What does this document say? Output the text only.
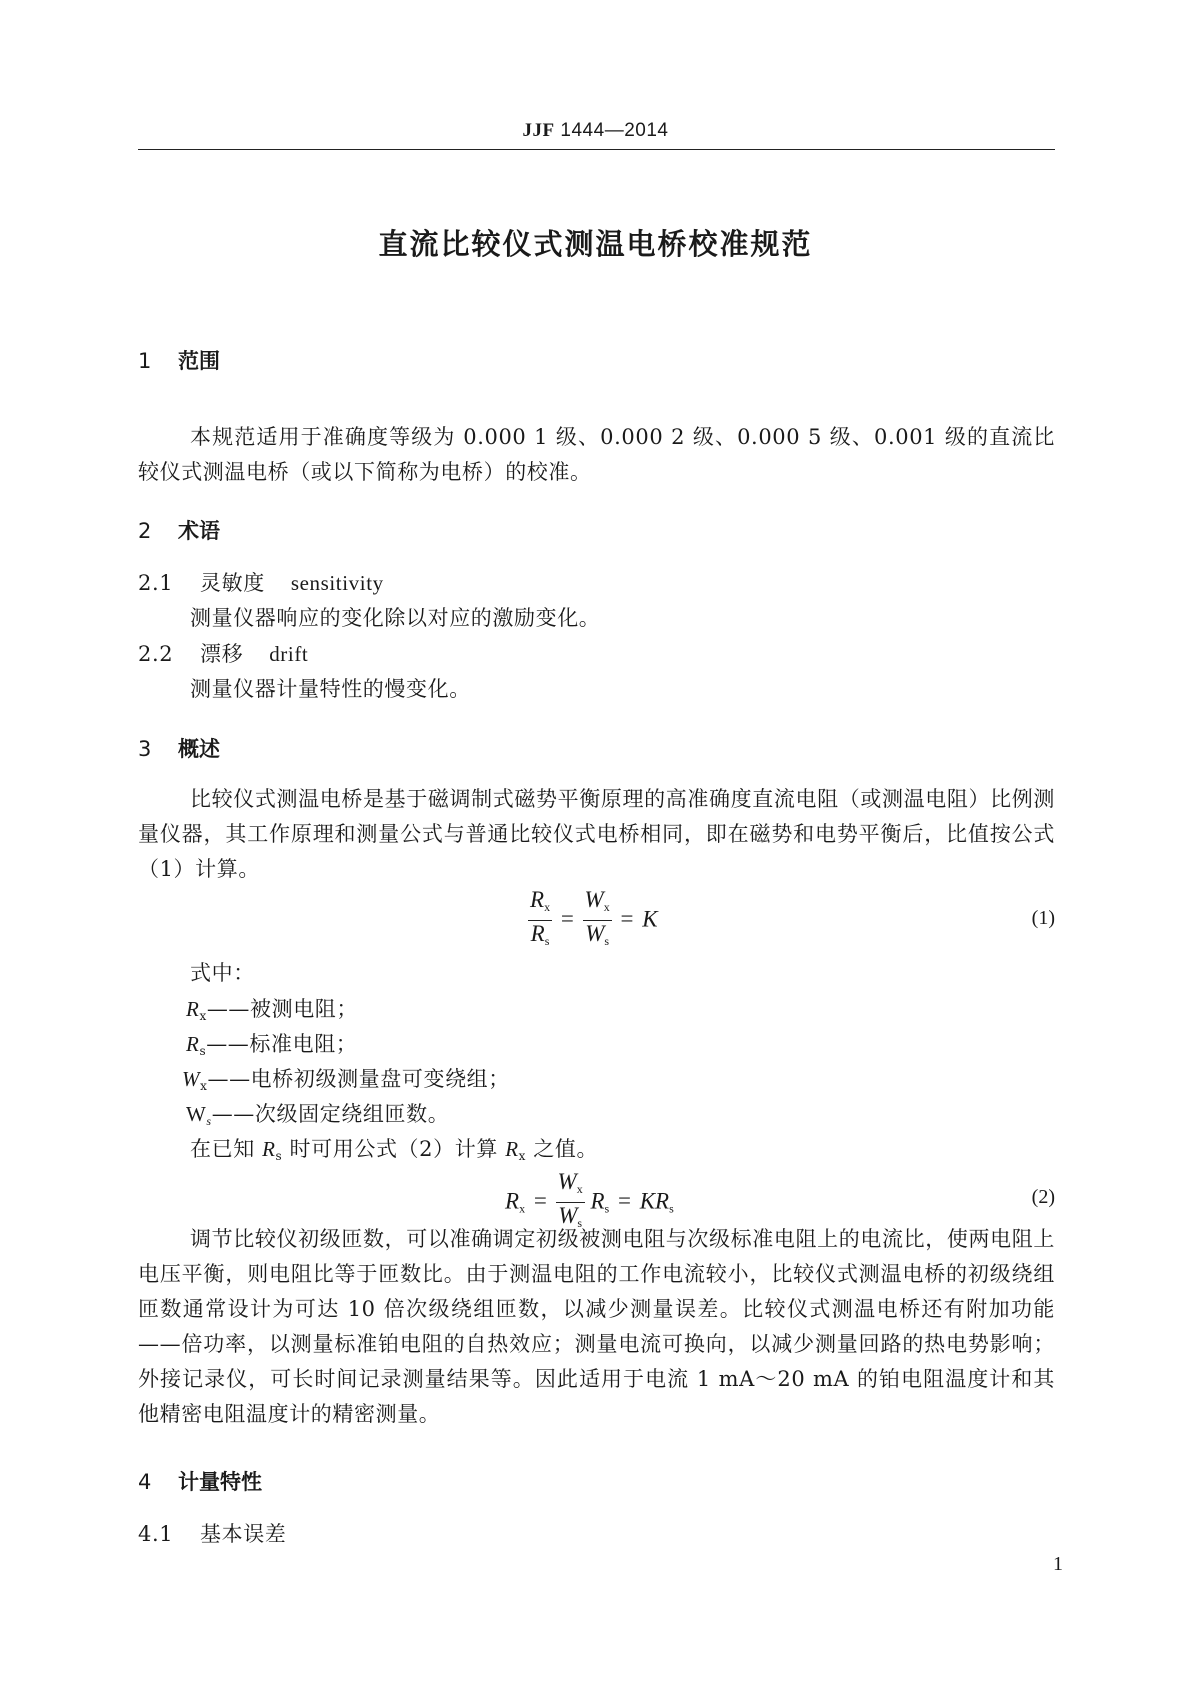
JJF 1444—2014
直流比较仪式测温电桥校准规范
1 范围
本规范适用于准确度等级为 0.000 1 级、0.000 2 级、0.000 5 级、0.001 级的直流比较仪式测温电桥（或以下简称为电桥）的校准。
2 术语
2.1 灵敏度 sensitivity
测量仪器响应的变化除以对应的激励变化。
2.2 漂移 drift
测量仪器计量特性的慢变化。
3 概述
比较仪式测温电桥是基于磁调制式磁势平衡原理的高准确度直流电阻（或测温电阻）比例测量仪器，其工作原理和测量公式与普通比较仪式电桥相同，即在磁势和电势平衡后，比值按公式（1）计算。
$\frac{R_x}{R_s} = \frac{W_x}{W_s} = K$	(1)
式中：
$R_x——$被测电阻；
$R_s——$标准电阻；
$W_x——$电桥初级测量盘可变绕组；
$W_s——$次级固定绕组匝数。
在已知 $R_s$ 时可用公式（2）计算 $R_x$ 之值。
$R_x = \frac{W_x}{W_s} R_s = KR_s$
(2)
调节比较仪初级匝数，可以准确调定初级被测电阻与次级标准电阻上的电流比，使两电阻上电压平衡，则电阻比等于匝数比。由于测温电阻的工作电流较小，比较仪式测温电桥的初级绕组匝数通常设计为可达 10 倍次级绕组匝数，以减少测量误差。比较仪式测温电桥还有附加功能——倍功率，以测量标准铂电阻的自热效应；测量电流可换向，以减少测量回路的热电势影响；外接记录仪，可长时间记录测量结果等。因此适用于电流 1 mA～20 mA 的铂电阻温度计和其他精密电阻温度计的精密测量。
4 计量特性
4.1 基本误差
1
